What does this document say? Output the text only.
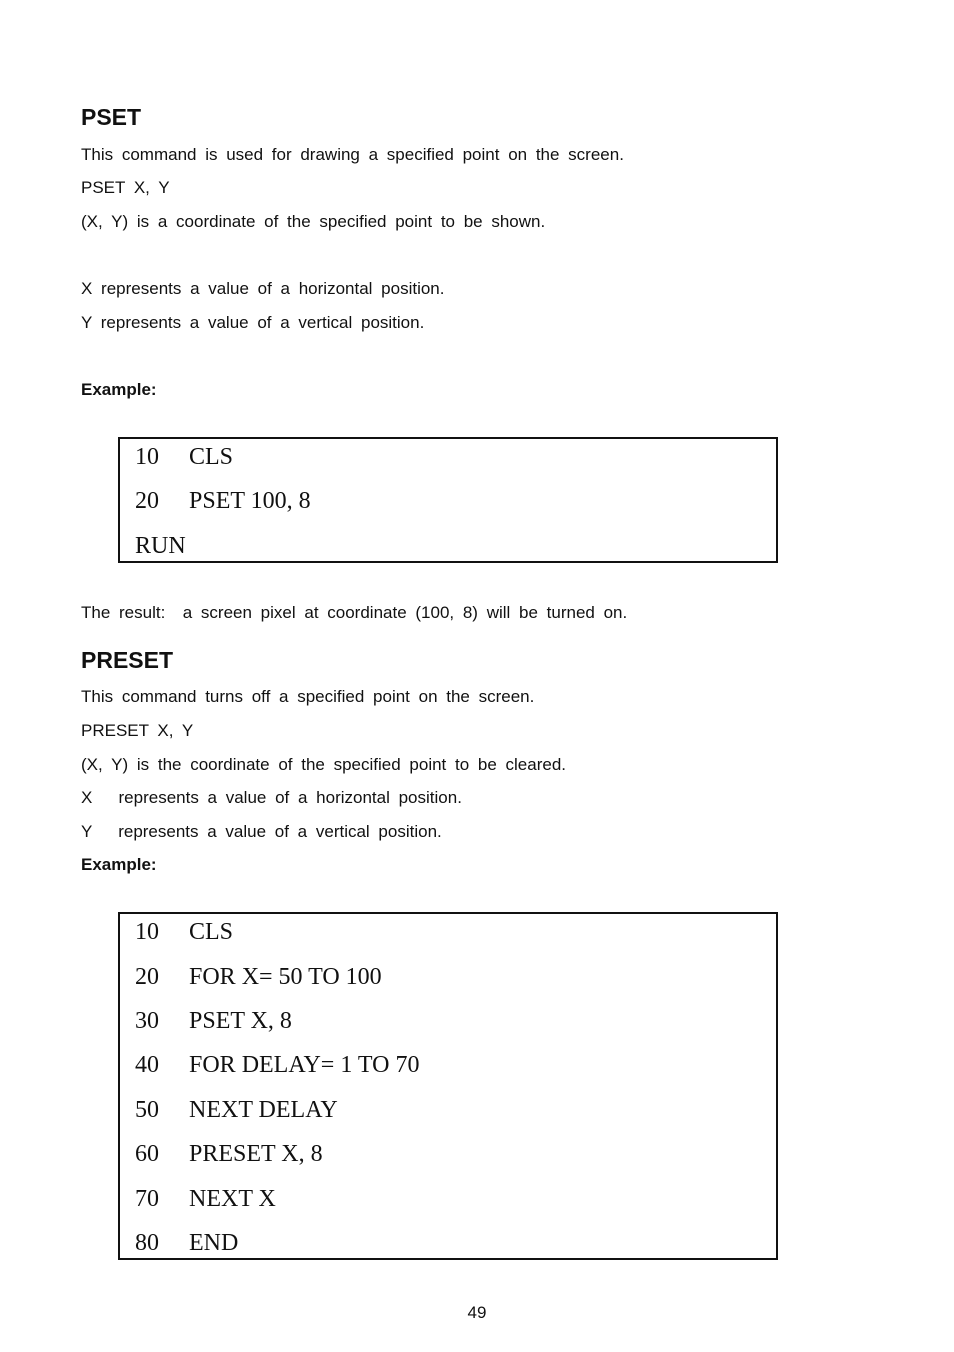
PSET
This command is used for drawing a specified point on the screen.
PSET X, Y
(X, Y) is a coordinate of the specified point to be shown.
X represents a value of a horizontal position.
Y represents a value of a vertical position.
Example:
10 CLS
20 PSET 100, 8
RUN
The result:  a screen pixel at coordinate (100, 8) will be turned on.
PRESET
This command turns off a specified point on the screen.
PRESET X, Y
(X, Y) is the coordinate of the specified point to be cleared.
X   represents a value of a horizontal position.
Y   represents a value of a vertical position.
Example:
10 CLS
20 FOR X= 50 TO 100
30 PSET X, 8
40 FOR DELAY= 1 TO 70
50 NEXT DELAY
60 PRESET X, 8
70 NEXT X
80 END
49
